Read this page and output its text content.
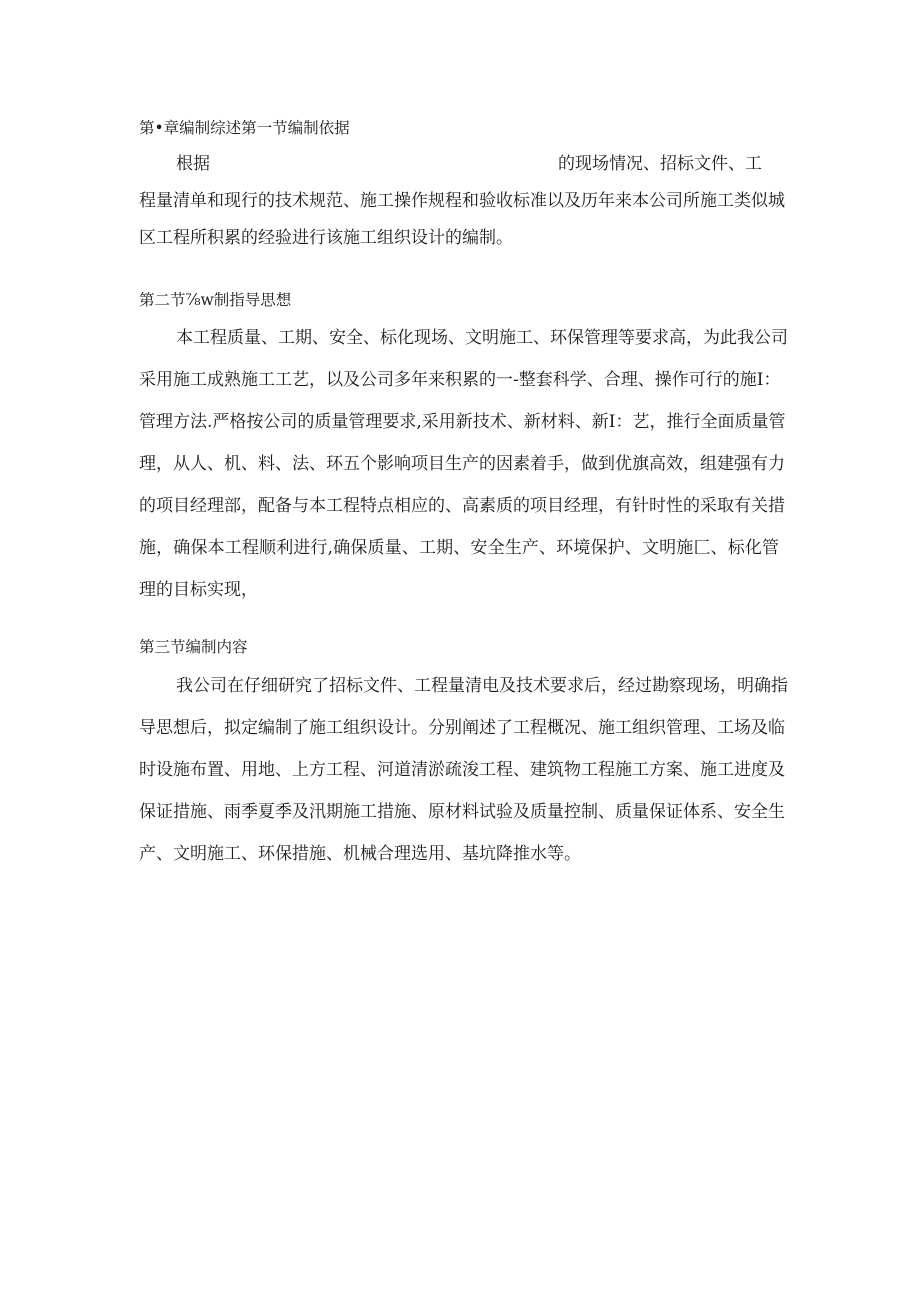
第•章编制综述第一节编制依据
根据	的现场情况、招标文件、工
程量清单和现行的技术规范、施工操作规程和验收标准以及历年来本公司所施工类似城
区工程所积累的经验进行该施工组织设计的编制。
第二节⅞w制指导思想
本工程质量、工期、安全、标化现场、文明施工、环保管理等要求高，为此我公司
采用施工成熟施工工艺，以及公司多年来积累的一-整套科学、合理、操作可行的施I：
管理方法.严格按公司的质量管理要求,采用新技术、新材料、新I：艺，推行全面质量管
理，从人、机、料、法、环五个影响项目生产的因素着手，做到优旗高效，组建强有力
的项目经理部，配备与本工程特点相应的、高素质的项目经理，有针时性的采取有关措
施，确保本工程顺利进行,确保质量、工期、安全生产、环境保护、文明施匚、标化管
理的目标实现，
第三节编制内容
我公司在仔细研究了招标文件、工程量清电及技术要求后，经过勘察现场，明确指
导思想后，拟定编制了施工组织设计。分别阐述了工程概况、施工组织管理、工场及临
时设施布置、用地、上方工程、河道清淤疏浚工程、建筑物工程施工方案、施工进度及
保证措施、雨季夏季及汛期施工措施、原材料试验及质量控制、质量保证体系、安全生
产、文明施工、环保措施、机械合理选用、基坑降推水等。
